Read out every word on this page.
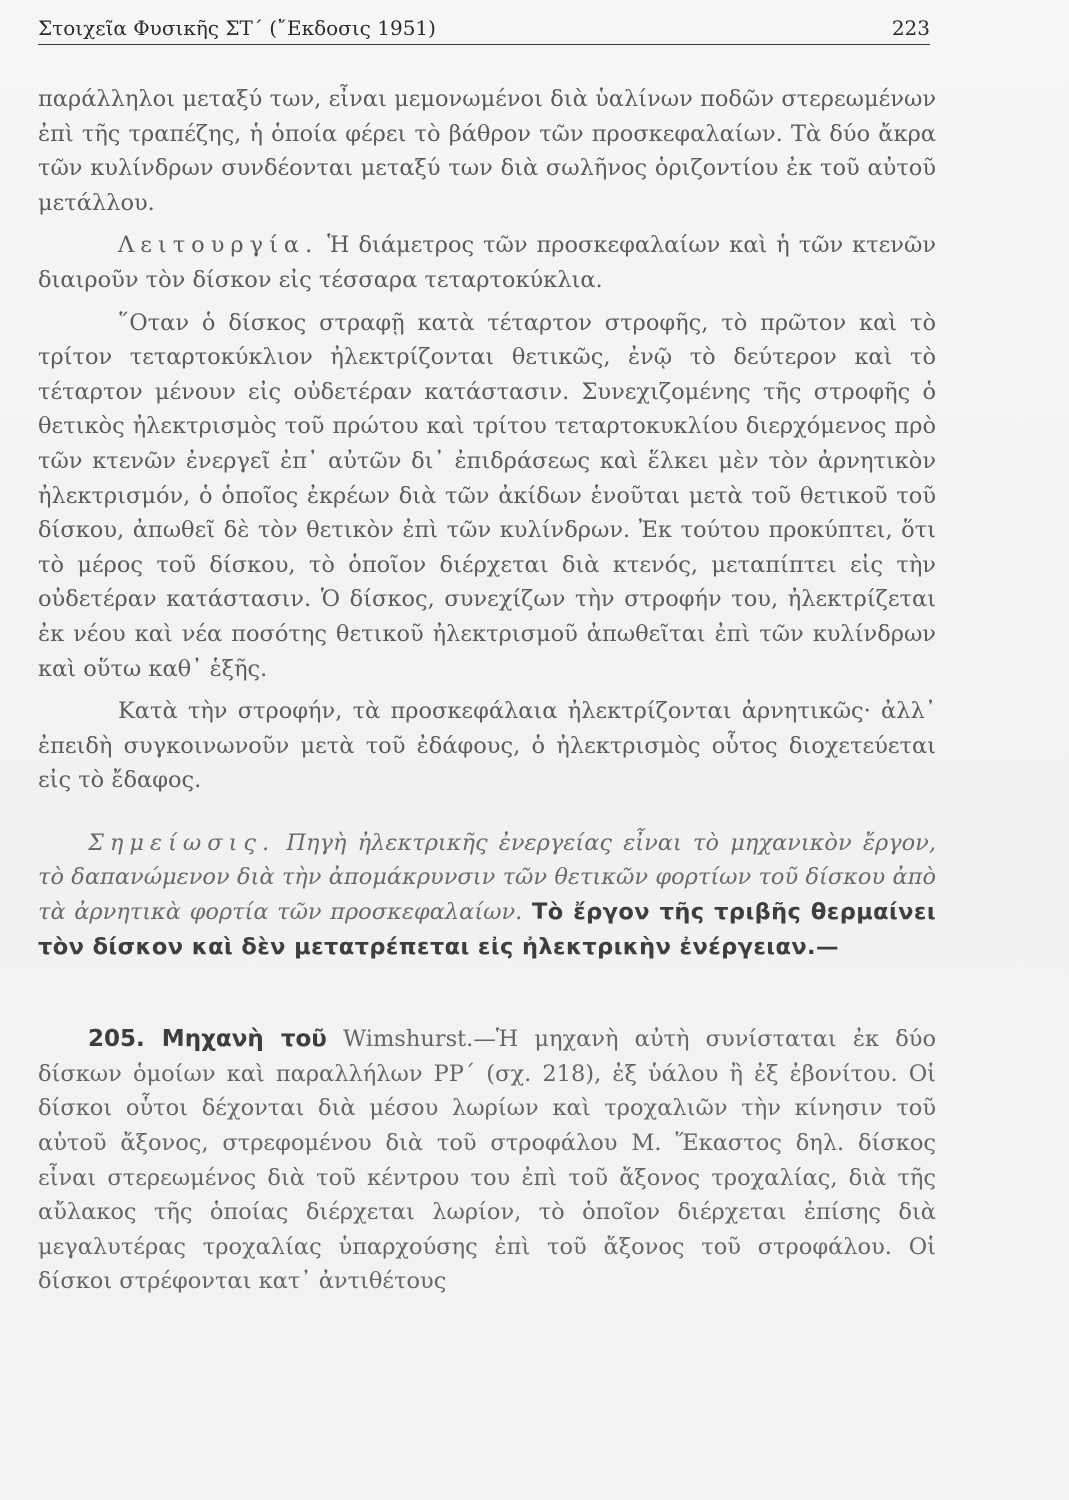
Στοιχεῖα Φυσικῆς ΣΤ´ (῎Εκδοσις 1951)	223

παράλληλοι μεταξύ των, εἶναι μεμονωμένοι διὰ ὑαλίνων ποδῶν στερεωμένων ἐπὶ τῆς τραπέζης, ἡ ὁποία φέρει τὸ βάθρον τῶν προσκεφαλαίων. Τὰ δύο ἄκρα τῶν κυλίνδρων συνδέονται μεταξύ των διὰ σωλῆνος ὁριζοντίου ἐκ τοῦ αὐτοῦ μετάλλου.

Λειτουργία. Ἡ διάμετρος τῶν προσκεφαλαίων καὶ ἡ τῶν κτενῶν διαιροῦν τὸν δίσκον εἰς τέσσαρα τεταρτοκύκλια.

῞Οταν ὁ δίσκος στραφῇ κατὰ τέταρτον στροφῆς, τὸ πρῶτον καὶ τὸ τρίτον τεταρτοκύκλιον ἠλεκτρίζονται θετικῶς, ἐνῷ τὸ δεύτερον καὶ τὸ τέταρτον μένουν εἰς οὐδετέραν κατάστασιν. Συνεχιζομένης τῆς στροφῆς ὁ θετικὸς ἠλεκτρισμὸς τοῦ πρώτου καὶ τρίτου τεταρτοκυκλίου διερχόμενος πρὸ τῶν κτενῶν ἐνεργεῖ ἐπ᾽ αὐτῶν δι᾽ ἐπιδράσεως καὶ ἕλκει μὲν τὸν ἀρνητικὸν ἠλεκτρισμόν, ὁ ὁποῖος ἐκρέων διὰ τῶν ἀκίδων ἑνοῦται μετὰ τοῦ θετικοῦ τοῦ δίσκου, ἀπωθεῖ δὲ τὸν θετικὸν ἐπὶ τῶν κυλίνδρων. Ἐκ τούτου προκύπτει, ὅτι τὸ μέρος τοῦ δίσκου, τὸ ὁποῖον διέρχεται διὰ κτενός, μεταπίπτει εἰς τὴν οὐδετέραν κατάστασιν. Ὁ δίσκος, συνεχίζων τὴν στροφήν του, ἠλεκτρίζεται ἐκ νέου καὶ νέα ποσότης θετικοῦ ἠλεκτρισμοῦ ἀπωθεῖται ἐπὶ τῶν κυλίνδρων καὶ οὕτω καθ᾽ ἑξῆς.

Κατὰ τὴν στροφήν, τὰ προσκεφάλαια ἠλεκτρίζονται ἀρνητικῶς· ἀλλ᾽ ἐπειδὴ συγκοινωνοῦν μετὰ τοῦ ἐδάφους, ὁ ἠλεκτρισμὸς οὗτος διοχετεύεται εἰς τὸ ἔδαφος.

Σημείωσις. Πηγὴ ἠλεκτρικῆς ἐνεργείας εἶναι τὸ μηχανικὸν ἔργον, τὸ δαπανώμενον διὰ τὴν ἀπομάκρυνσιν τῶν θετικῶν φορτίων τοῦ δίσκου ἀπὸ τὰ ἀρνητικὰ φορτία τῶν προσκεφαλαίων. Τὸ ἔργον τῆς τριβῆς θερμαίνει τὸν δίσκον καὶ δὲν μετατρέπεται εἰς ἠλεκτρικὴν ἐνέργειαν.—

205. Μηχανὴ τοῦ Wimshurst.—Ἡ μηχανὴ αὐτὴ συνίσταται ἐκ δύο δίσκων ὁμοίων καὶ παραλλήλων ΡΡ´ (σχ. 218), ἐξ ὑάλου ἢ ἐξ ἐβονίτου. Οἱ δίσκοι οὗτοι δέχονται διὰ μέσου λωρίων καὶ τροχαλιῶν τὴν κίνησιν τοῦ αὐτοῦ ἄξονος, στρεφομένου διὰ τοῦ στροφάλου Μ. Ἕκαστος δηλ. δίσκος εἶναι στερεωμένος διὰ τοῦ κέντρου του ἐπὶ τοῦ ἄξονος τροχαλίας, διὰ τῆς αὔλακος τῆς ὁποίας διέρχεται λωρίον, τὸ ὁποῖον διέρχεται ἐπίσης διὰ μεγαλυτέρας τροχαλίας ὑπαρχούσης ἐπὶ τοῦ ἄξονος τοῦ στροφάλου. Οἱ δίσκοι στρέφονται κατ᾽ ἀντιθέτους
